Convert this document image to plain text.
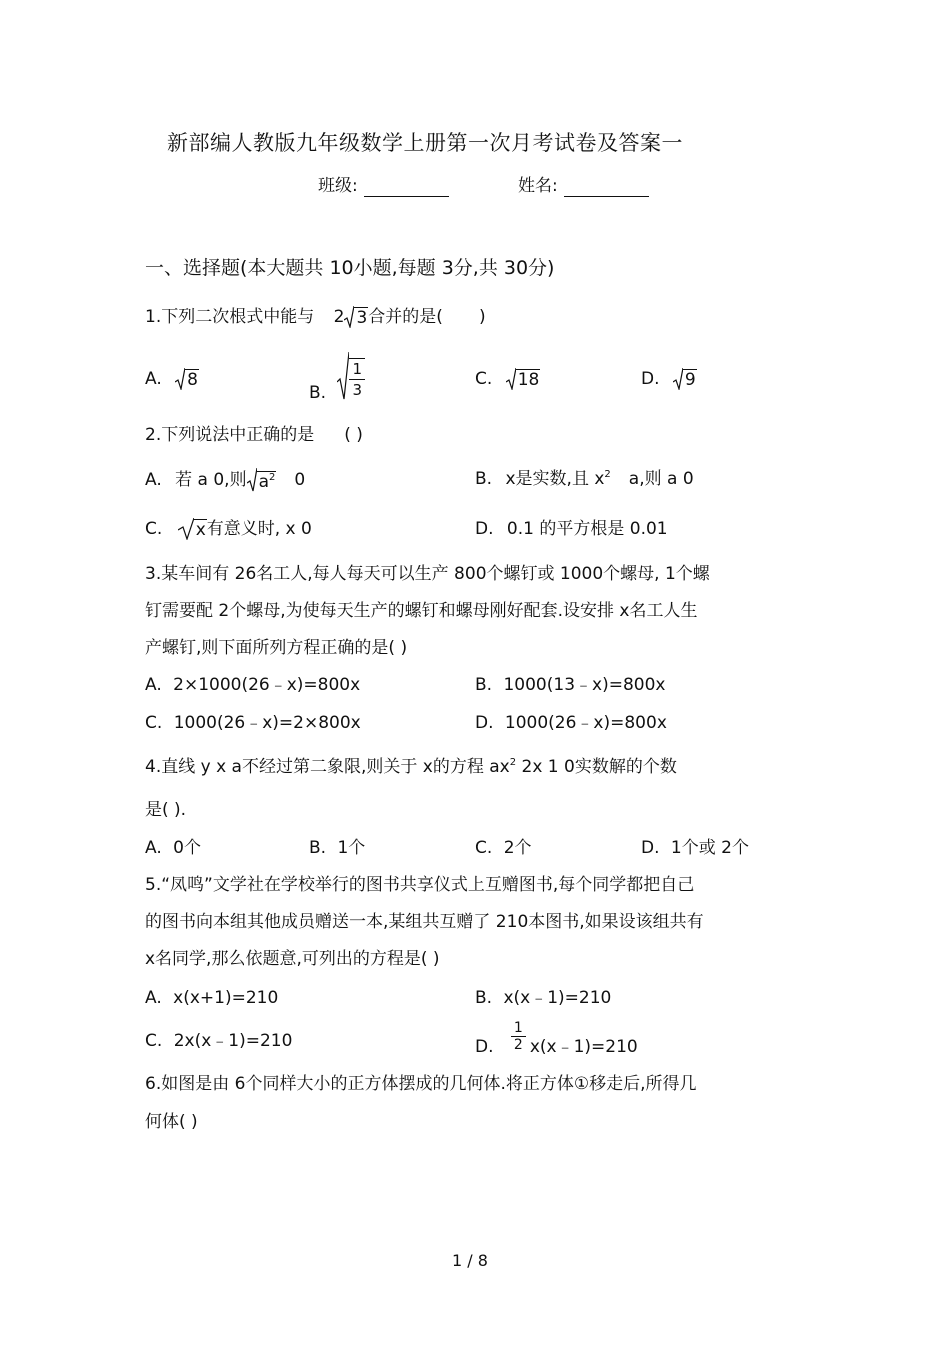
新部编人教版九年级数学上册第一次月考试卷及答案一
班级:	姓名:
一、选择题(本大题共 10小题,每题 3分,共 30分)
1.下列二次根式中能与 2 3 合并的是( )
A. 8
B. $\frac{1}{3}$	C. 18	D. 9
2.下列说法中正确的是 ( )
A. 若 a 0,则 $a^2$ 0	B. x是实数,且 $x^2$ a,则 a 0
C. x 有意义时, x 0	D. 0.1 的平方根是 0.01
3.某车间有 26名工人,每人每天可以生产 800个螺钉或 1000个螺母, 1个螺
钉需要配 2个螺母,为使每天生产的螺钉和螺母刚好配套.设安排 x名工人生
产螺钉,则下面所列方程正确的是( )
A. 2×1000(26﹣x)=800x	B. 1000(13﹣x)=800x
C. 1000(26﹣x)=2×800x	D. 1000(26﹣x)=800x
4.直线 y x a不经过第二象限,则关于 x的方程 $ax^2$ 2x 1 0实数解的个数
是( ).
A. 0个	B. 1个	C. 2个	D. 1个或 2个
5.“凤鸣”文学社在学校举行的图书共享仪式上互赠图书,每个同学都把自己
的图书向本组其他成员赠送一本,某组共互赠了 210本图书,如果设该组共有
x名同学,那么依题意,可列出的方程是( )
A. x(x+1)=210	B. x(x﹣1)=210
C. 2x(x﹣1)=210	D. $\frac{1}{2}$ x(x﹣1)=210
6.如图是由 6个同样大小的正方体摆成的几何体.将正方体①移走后,所得几
何体( )
1 / 8
